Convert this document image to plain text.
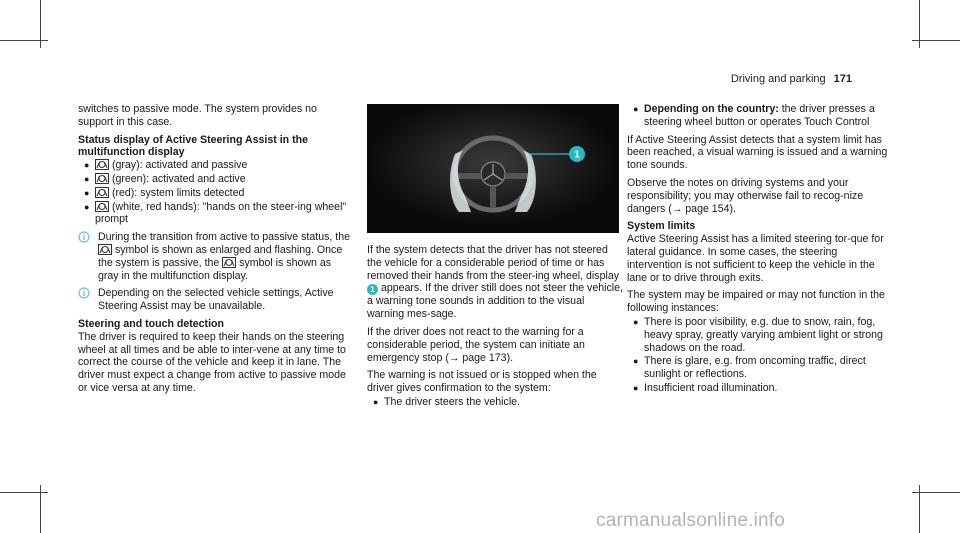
Driving and parking 171

switches to passive mode. The system provides no support in this case.

Status display of Active Steering Assist in the multifunction display
●	(gray): activated and passive
●	(green): activated and active
●	(red): system limits detected
●	(white, red hands): "hands on the steer-ing wheel" prompt
During the transition from active to passive status, the  symbol is shown as enlarged and flashing. Once the system is passive, the  symbol is shown as gray in the multifunction display.
Depending on the selected vehicle settings, Active Steering Assist may be unavailable.
Steering and touch detection

The driver is required to keep their hands on the steering wheel at all times and be able to inter-vene at any time to correct the course of the vehicle and keep it in lane. The driver must expect a change from active to passive mode or vice versa at any time.

1

If the system detects that the driver has not steered the vehicle for a considerable period of time or has removed their hands from the steer-ing wheel, display 1 appears. If the driver still does not steer the vehicle, a warning tone sounds in addition to the visual warning mes-sage.

If the driver does not react to the warning for a considerable period, the system can initiate an emergency stop (→ page 173).

The warning is not issued or is stopped when the driver gives confirmation to the system:

● The driver steers the vehicle.
● Depending on the country: the driver presses a steering wheel button or operates Touch Control

If Active Steering Assist detects that a system limit has been reached, a visual warning is issued and a warning tone sounds.

Observe the notes on driving systems and your responsibility; you may otherwise fail to recog-nize dangers (→ page 154).

System limits

Active Steering Assist has a limited steering tor-que for lateral guidance. In some cases, the steering intervention is not sufficient to keep the vehicle in the lane or to drive through exits.

The system may be impaired or may not function in the following instances:

● There is poor visibility, e.g. due to snow, rain, fog, heavy spray, greatly varying ambient light or strong shadows on the road.
● There is glare, e.g. from oncoming traffic, direct sunlight or reflections.
● Insufficient road illumination.
carmanualsonline.info
